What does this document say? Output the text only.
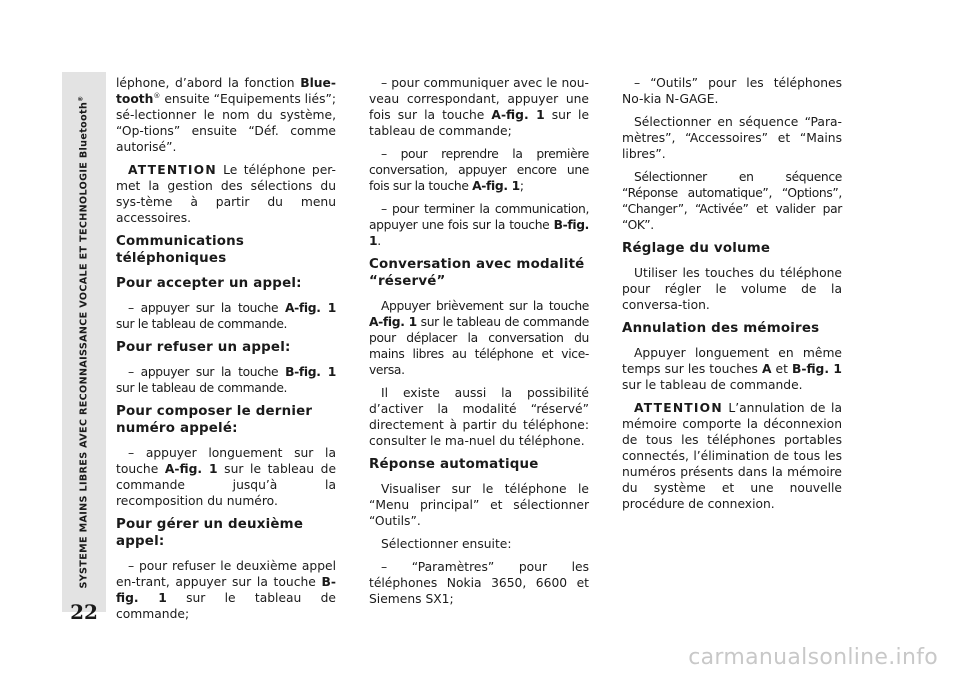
SYSTEME MAINS LIBRES AVEC RECONNAISSANCE VOCALE ET TECHNOLOGIE Bluetooth®
22

léphone, d’abord la fonction Blue-tooth® ensuite “Equipements liés”; sé-lectionner le nom du système, “Op-tions” ensuite “Déf. comme autorisé”.

ATTENTION Le téléphone per-met la gestion des sélections du sys-tème à partir du menu accessoires.

Communications téléphoniques
Pour accepter un appel:

– appuyer sur la touche A-fig. 1 sur le tableau de commande.

Pour refuser un appel:

– appuyer sur la touche B-fig. 1 sur le tableau de commande.

Pour composer le dernier numéro appelé:

– appuyer longuement sur la touche A-fig. 1 sur le tableau de commande jusqu’à la recomposition du numéro.

Pour gérer un deuxième appel:

– pour refuser le deuxième appel en-trant, appuyer sur la touche B-fig. 1 sur le tableau de commande;

– pour communiquer avec le nou-veau correspondant, appuyer une fois sur la touche A-fig. 1 sur le tableau de commande;

– pour reprendre la première conversation, appuyer encore une fois sur la touche A-fig. 1;

– pour terminer la communication, appuyer une fois sur la touche B-fig. 1.

Conversation avec modalité “réservé”

Appuyer brièvement sur la touche A-fig. 1 sur le tableau de commande pour déplacer la conversation du mains libres au téléphone et vice-versa.

Il existe aussi la possibilité d’activer la modalité “réservé” directement à partir du téléphone: consulter le ma-nuel du téléphone.

Réponse automatique

Visualiser sur le téléphone le “Menu principal” et sélectionner “Outils”.

Sélectionner ensuite:

– “Paramètres” pour les téléphones Nokia 3650, 6600 et Siemens SX1;

– “Outils” pour les téléphones No-kia N-GAGE.

Sélectionner en séquence “Para-mètres”, “Accessoires” et “Mains libres”.

Sélectionner en séquence “Réponse automatique”, “Options”, “Changer”, “Activée” et valider par “OK”.

Réglage du volume

Utiliser les touches du téléphone pour régler le volume de la conversa-tion.

Annulation des mémoires

Appuyer longuement en même temps sur les touches A et B-fig. 1 sur le tableau de commande.

ATTENTION L’annulation de la mémoire comporte la déconnexion de tous les téléphones portables connectés, l’élimination de tous les numéros présents dans la mémoire du système et une nouvelle procédure de connexion.

carmanualsonline.info
